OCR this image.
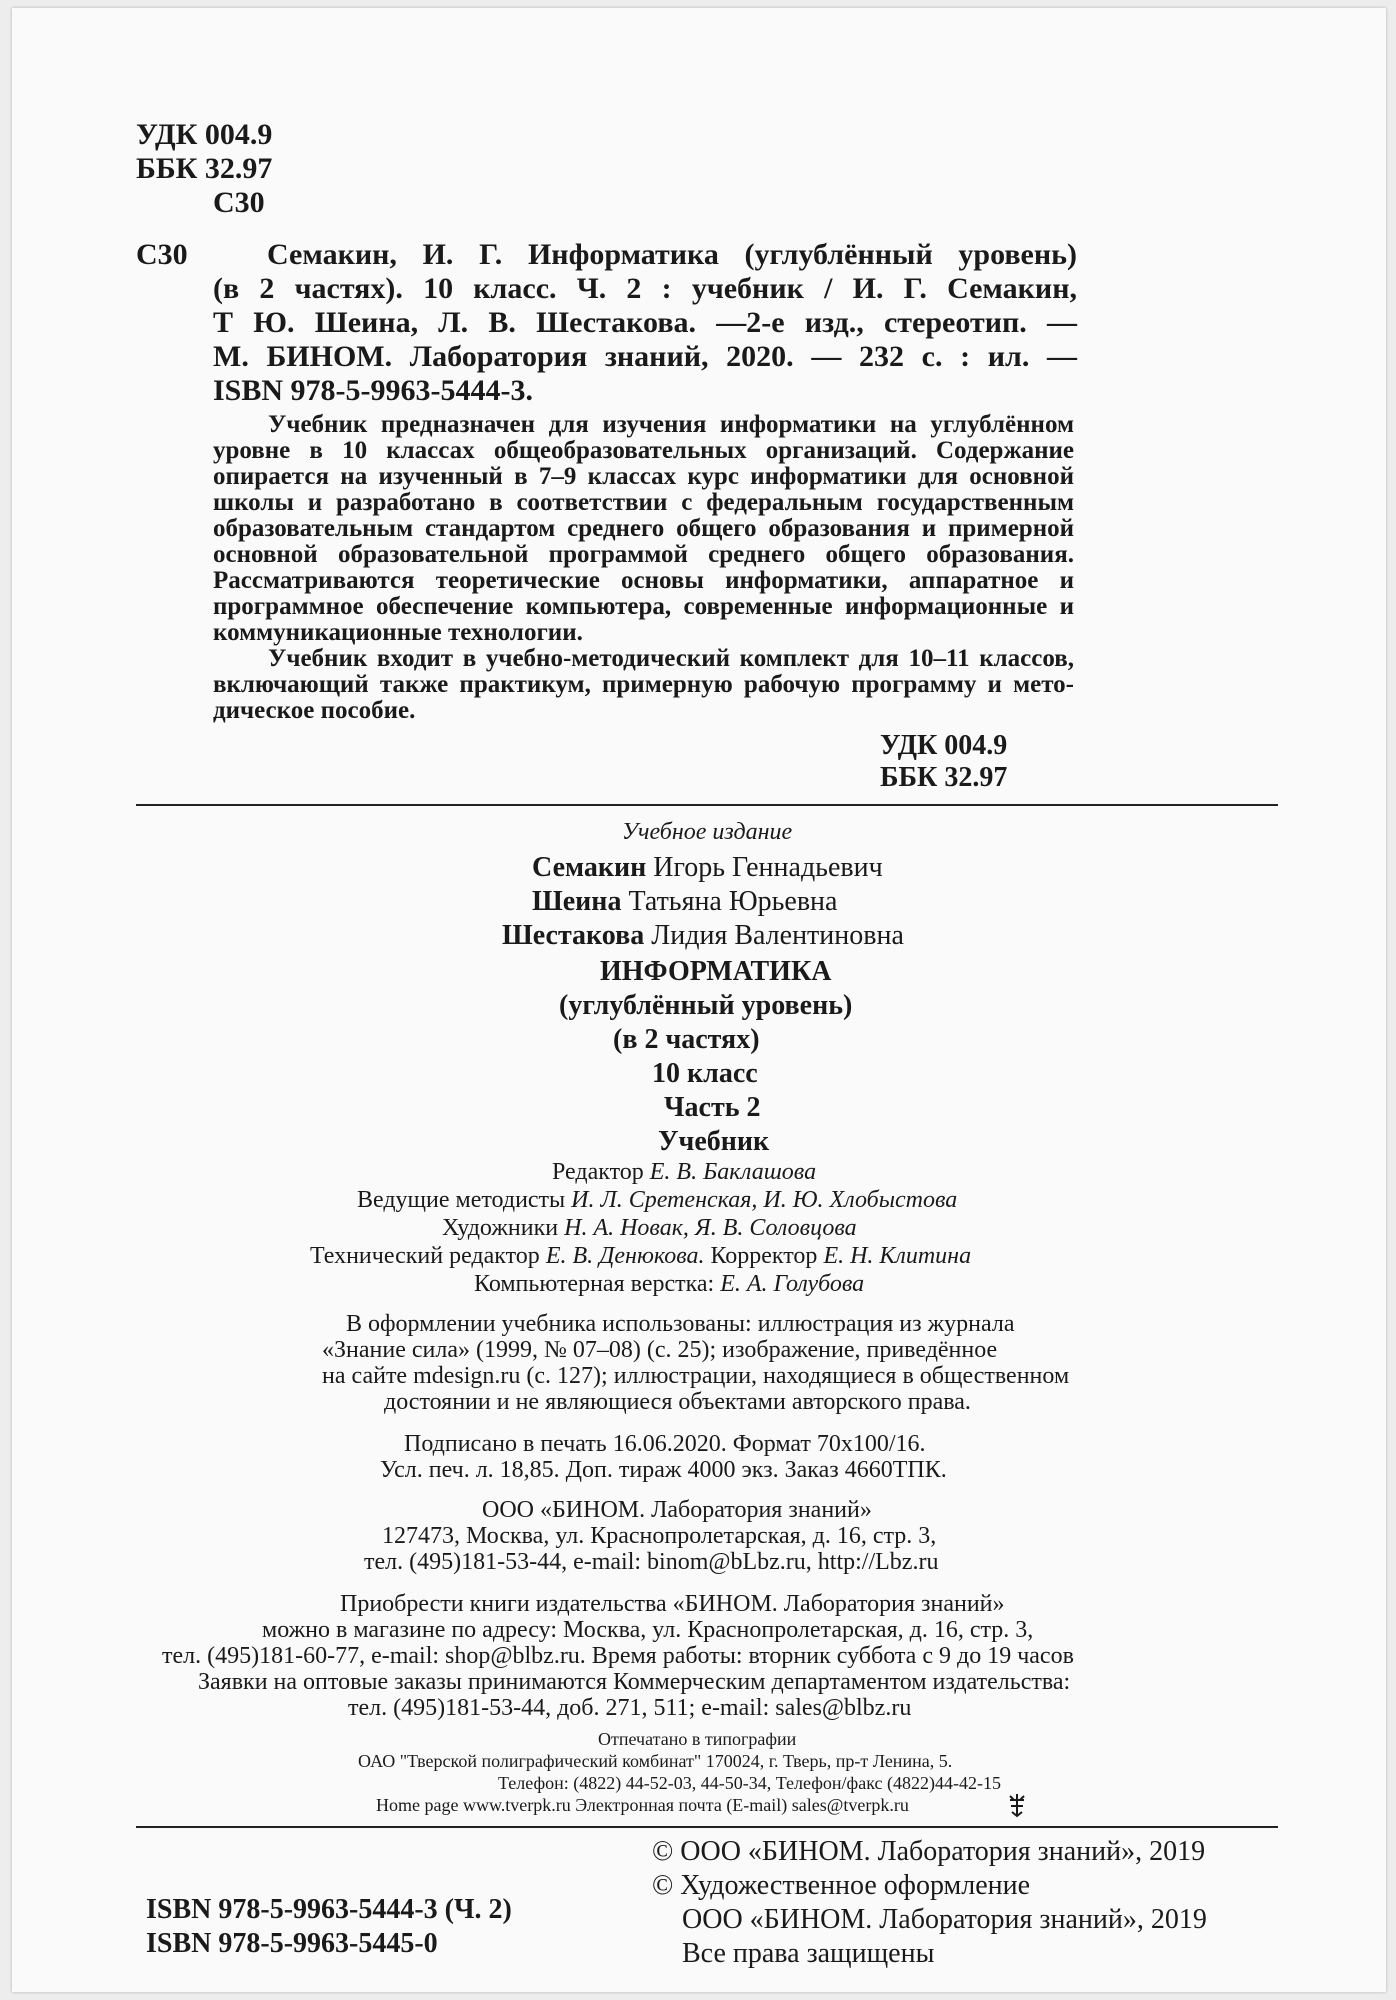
УДК 004.9
ББК 32.97
С30
С30	Семакин, И. Г. Информатика (углублённый уровень)
(в 2 частях). 10 класс. Ч. 2 : учебник / И. Г. Семакин,
Т Ю. Шеина, Л. В. Шестакова. —2-е изд., стереотип. —
М. БИНОМ. Лаборатория знаний, 2020. — 232 с. : ил. —
ISBN 978-5-9963-5444-3.
Учебник предназначен для изучения информатики на углублённом
уровне в 10 классах общеобразовательных организаций. Содержание
опирается на изученный в 7–9 классах курс информатики для основной
школы и разработано в соответствии с федеральным государственным
образовательным стандартом среднего общего образования и примерной
основной образовательной программой среднего общего образования.
Рассматриваются теоретические основы информатики, аппаратное и
программное обеспечение компьютера, современные информационные и
коммуникационные технологии.
Учебник входит в учебно-методический комплект для 10–11 классов,
включающий также практикум, примерную рабочую программу и мето-
дическое пособие.
УДК 004.9
ББК 32.97
Учебное издание
Семакин Игорь Геннадьевич
Шеина Татьяна Юрьевна
Шестакова Лидия Валентиновна
ИНФОРМАТИКА
(углублённый уровень)
(в 2 частях)
10 класс
Часть 2
Учебник
Редактор Е. В. Баклашова
Ведущие методисты И. Л. Сретенская, И. Ю. Хлобыстова
Художники Н. А. Новак, Я. В. Соловцова
Технический редактор Е. В. Денюкова. Корректор Е. Н. Клитина
Компьютерная верстка: Е. А. Голубова
В оформлении учебника использованы: иллюстрация из журнала
«Знание сила» (1999, № 07–08) (с. 25); изображение, приведённое
на сайте mdesign.ru (с. 127); иллюстрации, находящиеся в общественном
достоянии и не являющиеся объектами авторского права.
Подписано в печать 16.06.2020. Формат 70х100/16.
Усл. печ. л. 18,85. Доп. тираж 4000 экз. Заказ 4660ТПК.
ООО «БИНОМ. Лаборатория знаний»
127473, Москва, ул. Краснопролетарская, д. 16, стр. 3,
тел. (495)181-53-44, e-mail: binom@bLbz.ru, http://Lbz.ru
Приобрести книги издательства «БИНОМ. Лаборатория знаний»
можно в магазине по адресу: Москва, ул. Краснопролетарская, д. 16, стр. 3,
тел. (495)181-60-77, e-mail: shop@blbz.ru. Время работы: вторник суббота с 9 до 19 часов
Заявки на оптовые заказы принимаются Коммерческим департаментом издательства:
тел. (495)181-53-44, доб. 271, 511; e-mail: sales@blbz.ru
Отпечатано в типографии
ОАО "Тверской полиграфический комбинат" 170024, г. Тверь, пр-т Ленина, 5.
Телефон: (4822) 44-52-03, 44-50-34, Телефон/факс (4822)44-42-15
Home page www.tverpk.ru Электронная почта (E-mail) sales@tverpk.ru
© ООО «БИНОМ. Лаборатория знаний», 2019
© Художественное оформление
ООО «БИНОМ. Лаборатория знаний», 2019
Все права защищены
ISBN 978-5-9963-5444-3 (Ч. 2)
ISBN 978-5-9963-5445-0
